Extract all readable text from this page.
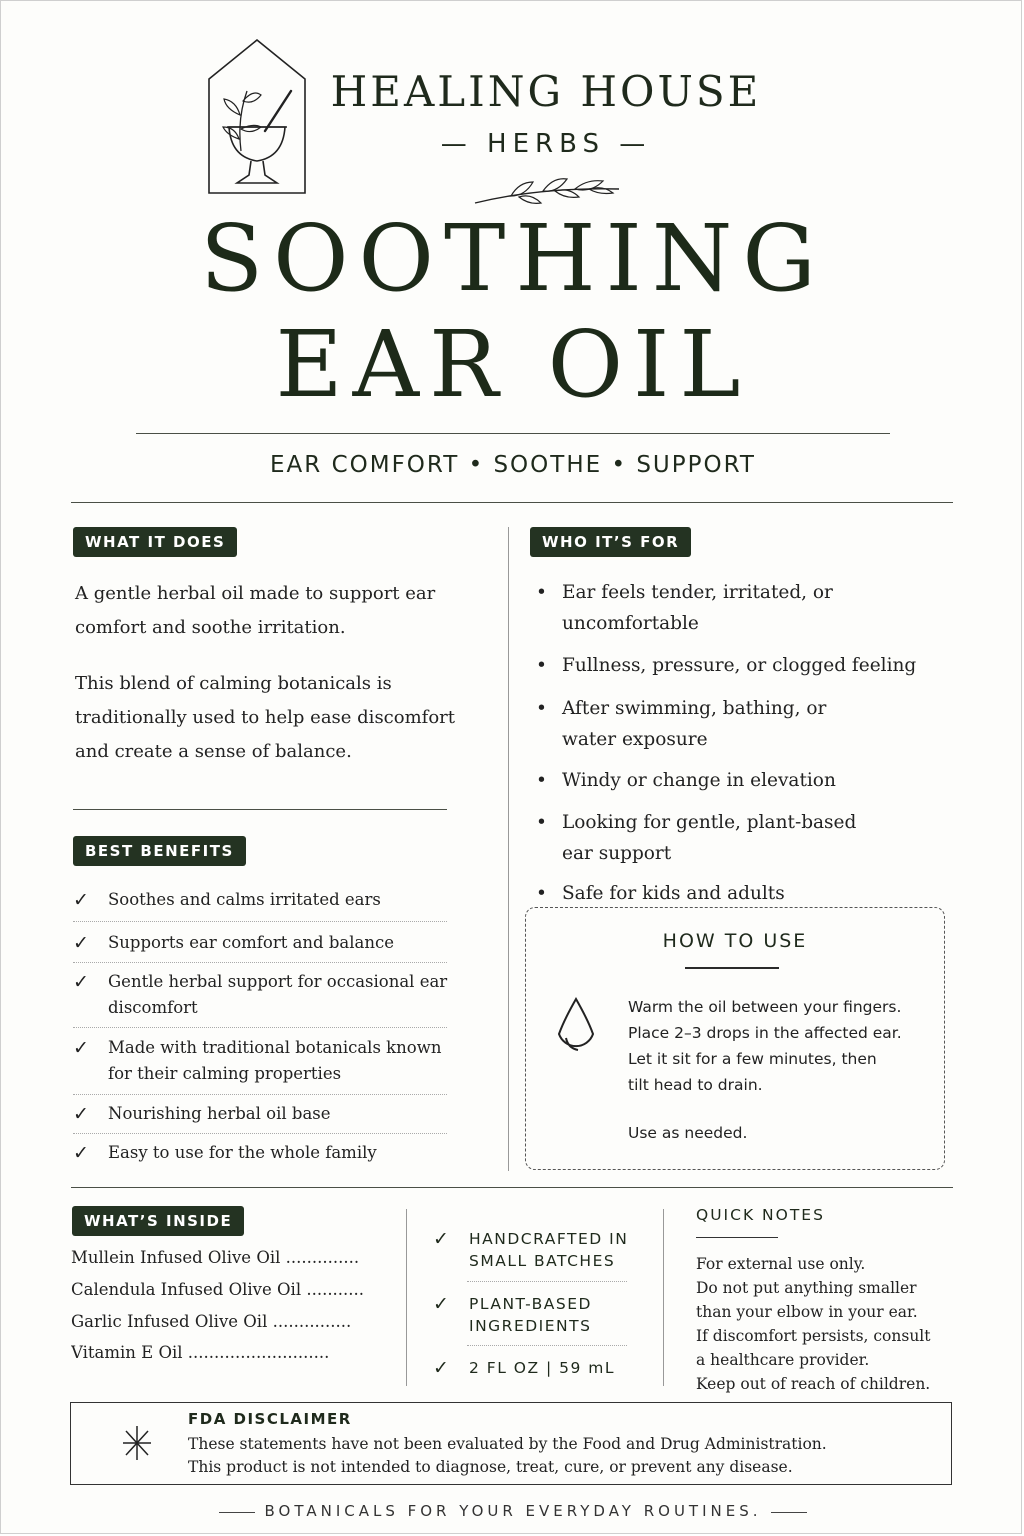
HEALING HOUSE
— HERBS —
SOOTHING
EAR OIL
EAR COMFORT • SOOTHE • SUPPORT
WHAT IT DOES
A gentle herbal oil made to support ear comfort and soothe irritation.
This blend of calming botanicals is traditionally used to help ease discomfort and create a sense of balance.
BEST BENEFITS
✓ Soothes and calms irritated ears
✓ Supports ear comfort and balance
✓ Gentle herbal support for occasional ear discomfort
✓ Made with traditional botanicals known for their calming properties
✓ Nourishing herbal oil base
✓ Easy to use for the whole family
WHO IT’S FOR
• Ear feels tender, irritated, or uncomfortable
• Fullness, pressure, or clogged feeling
• After swimming, bathing, or water exposure
• Windy or change in elevation
• Looking for gentle, plant-based ear support
• Safe for kids and adults
HOW TO USE
Warm the oil between your fingers.
Place 2–3 drops in the affected ear.
Let it sit for a few minutes, then
tilt head to drain.
Use as needed.
WHAT’S INSIDE
Mullein Infused Olive Oil ..............
Calendula Infused Olive Oil ...........
Garlic Infused Olive Oil ...............
Vitamin E Oil ...........................
✓ HANDCRAFTED IN SMALL BATCHES
✓ PLANT-BASED INGREDIENTS
✓ 2 FL OZ | 59 mL
QUICK NOTES
For external use only.
Do not put anything smaller
than your elbow in your ear.
If discomfort persists, consult
a healthcare provider.
Keep out of reach of children.
FDA DISCLAIMER
These statements have not been evaluated by the Food and Drug Administration.
This product is not intended to diagnose, treat, cure, or prevent any disease.
BOTANICALS FOR YOUR EVERYDAY ROUTINES.
